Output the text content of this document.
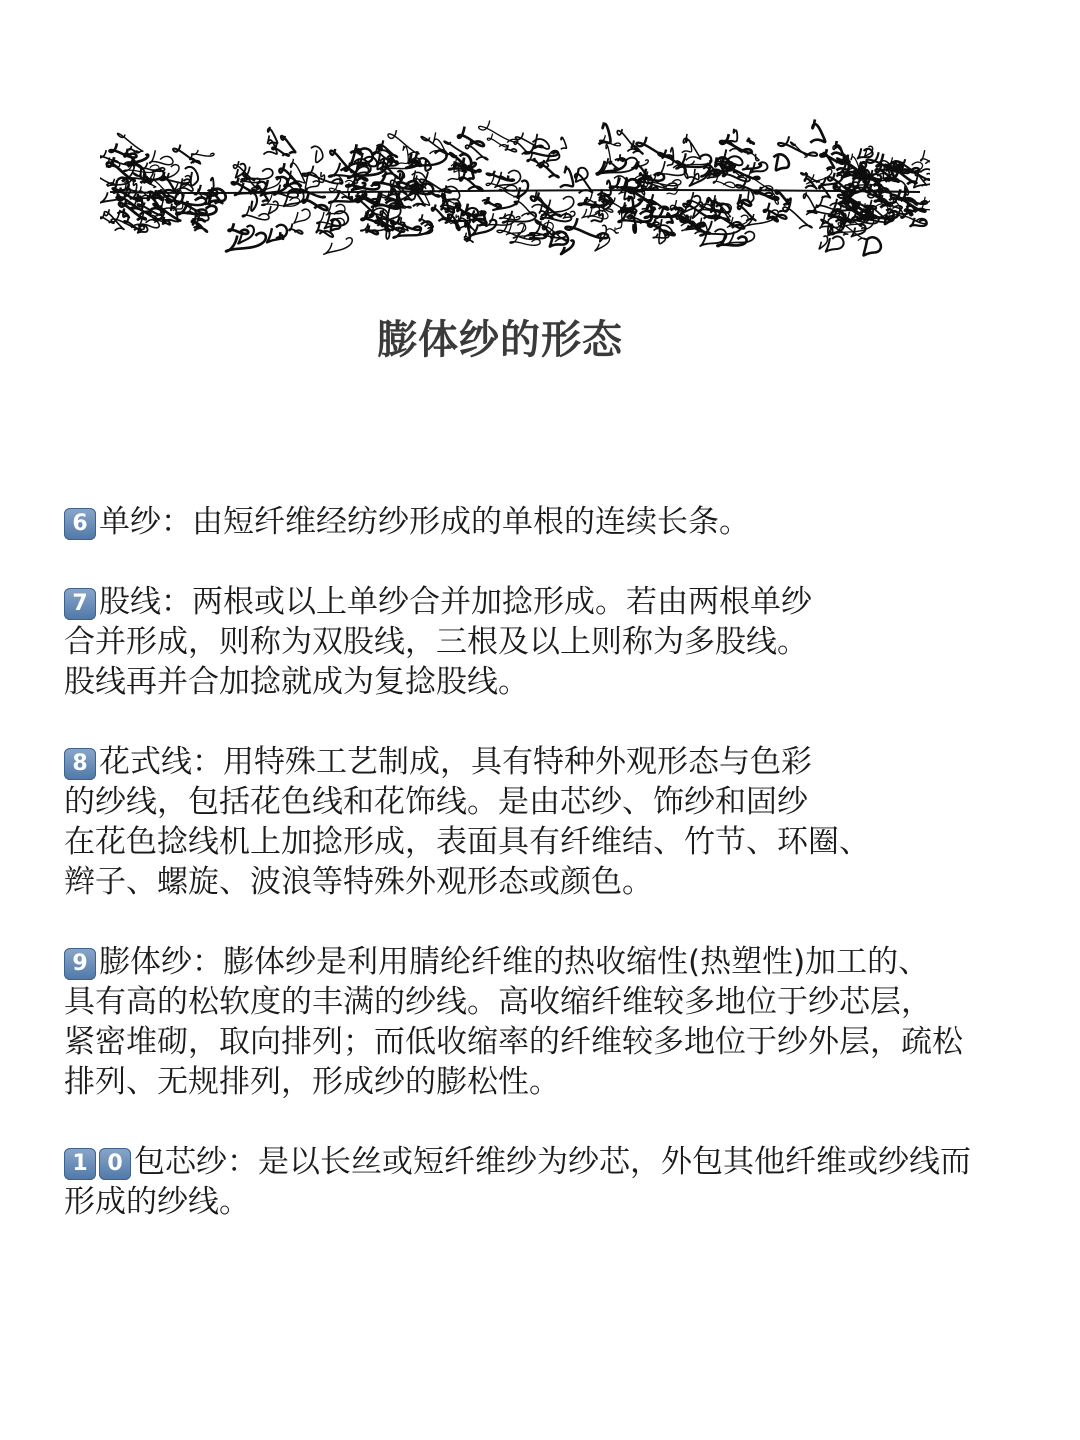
膨体纱的形态
6 单纱：由短纤维经纺纱形成的单根的连续长条。
7 股线：两根或以上单纱合并加捻形成。若由两根单纱
合并形成，则称为双股线，三根及以上则称为多股线。
股线再并合加捻就成为复捻股线。
8 花式线：用特殊工艺制成，具有特种外观形态与色彩
的纱线，包括花色线和花饰线。是由芯纱、饰纱和固纱
在花色捻线机上加捻形成，表面具有纤维结、竹节、环圈、
辫子、螺旋、波浪等特殊外观形态或颜色。
9 膨体纱：膨体纱是利用腈纶纤维的热收缩性(热塑性)加工的、
具有高的松软度的丰满的纱线。高收缩纤维较多地位于纱芯层，
紧密堆砌，取向排列；而低收缩率的纤维较多地位于纱外层，疏松
排列、无规排列，形成纱的膨松性。
1 0 包芯纱：是以长丝或短纤维纱为纱芯，外包其他纤维或纱线而
形成的纱线。
